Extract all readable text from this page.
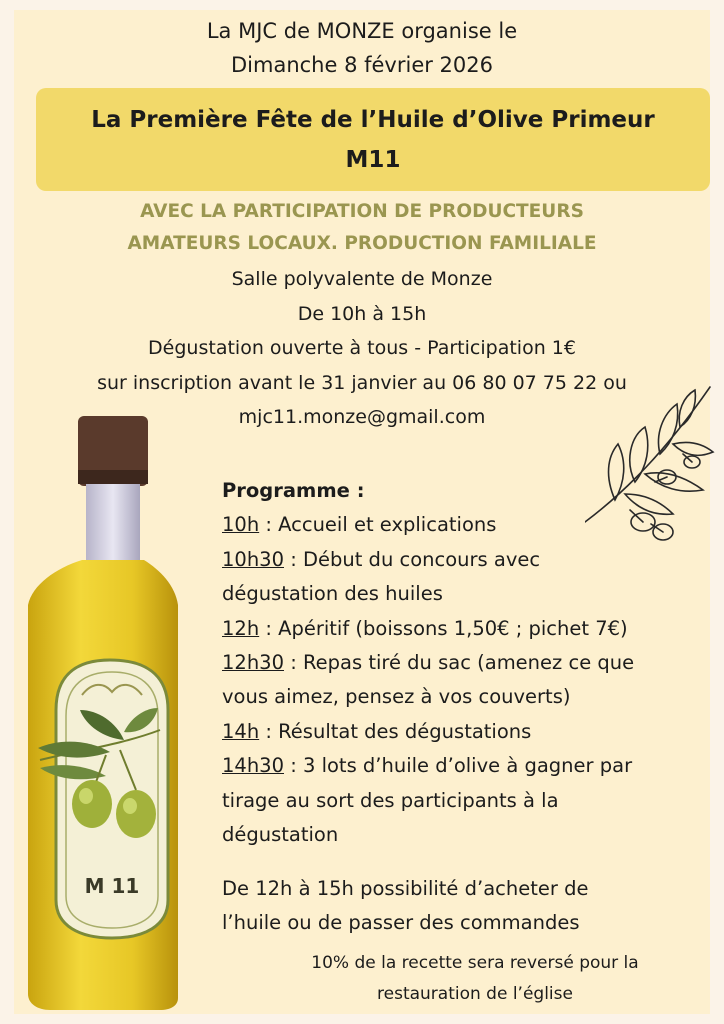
La MJC de MONZE organise le
Dimanche 8 février 2026
La Première Fête de l’Huile d’Olive Primeur
M11
AVEC LA PARTICIPATION DE PRODUCTEURS
AMATEURS LOCAUX. PRODUCTION FAMILIALE
Salle polyvalente de Monze
De 10h à 15h
Dégustation ouverte à tous - Participation 1€
sur inscription avant le 31 janvier au 06 80 07 75 22 ou
mjc11.monze@gmail.com
M 11
Programme :
10h : Accueil et explications
10h30 : Début du concours avec
dégustation des huiles
12h : Apéritif (boissons 1,50€ ; pichet 7€)
12h30 : Repas tiré du sac (amenez ce que
vous aimez, pensez à vos couverts)
14h : Résultat des dégustations
14h30 : 3 lots d’huile d’olive à gagner par
tirage au sort des participants à la
dégustation
De 12h à 15h possibilité d’acheter de
l’huile ou de passer des commandes
10% de la recette sera reversé pour la
restauration de l’église
